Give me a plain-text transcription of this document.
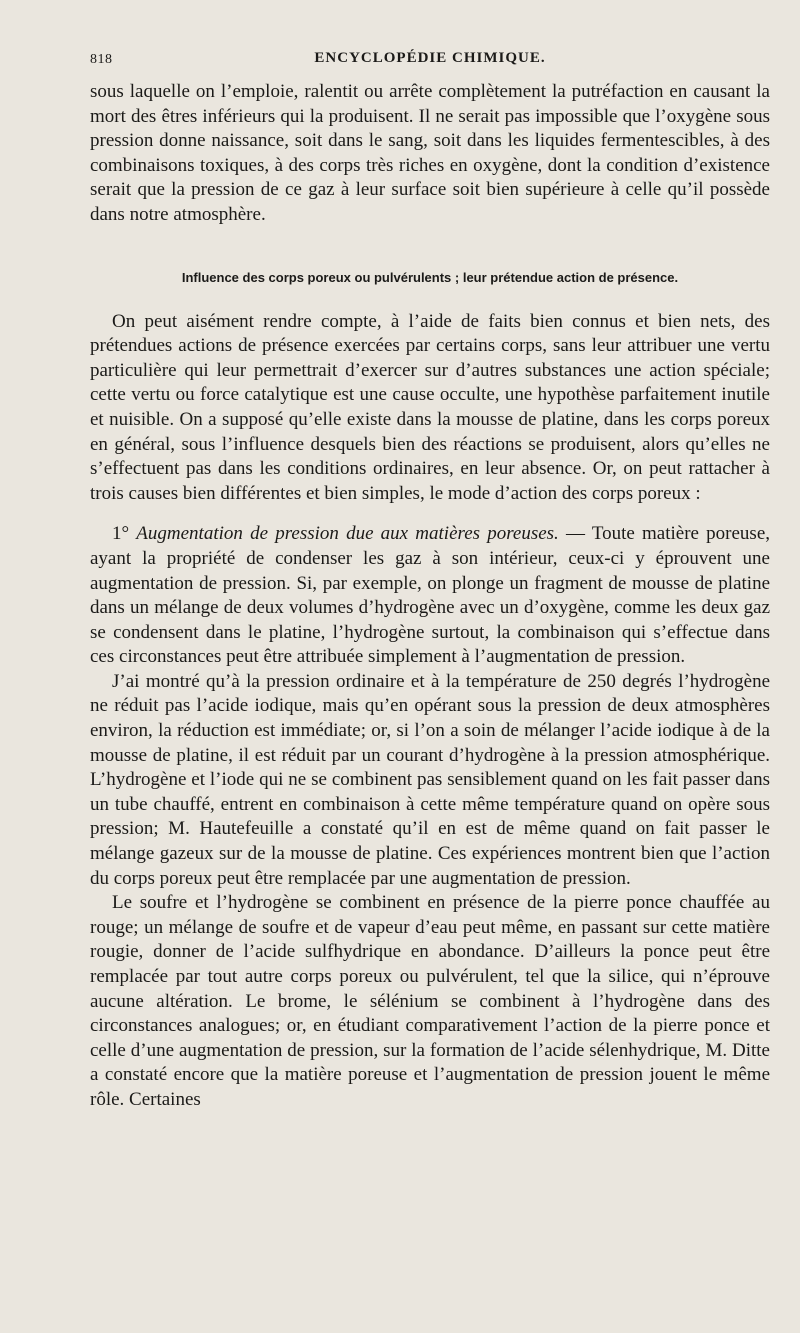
818	ENCYCLOPÉDIE CHIMIQUE.

sous laquelle on l’emploie, ralentit ou arrête complètement la putréfaction en causant la mort des êtres inférieurs qui la produisent. Il ne serait pas impossible que l’oxygène sous pression donne naissance, soit dans le sang, soit dans les liquides fermentescibles, à des combinaisons toxiques, à des corps très riches en oxygène, dont la condition d’existence serait que la pression de ce gaz à leur surface soit bien supérieure à celle qu’il possède dans notre atmosphère.

Influence des corps poreux ou pulvérulents ; leur prétendue action de présence.

On peut aisément rendre compte, à l’aide de faits bien connus et bien nets, des prétendues actions de présence exercées par certains corps, sans leur attribuer une vertu particulière qui leur permettrait d’exercer sur d’autres substances une action spéciale; cette vertu ou force catalytique est une cause occulte, une hypothèse parfaitement inutile et nuisible. On a supposé qu’elle existe dans la mousse de platine, dans les corps poreux en général, sous l’influence desquels bien des réactions se produisent, alors qu’elles ne s’effectuent pas dans les conditions ordinaires, en leur absence. Or, on peut rattacher à trois causes bien différentes et bien simples, le mode d’action des corps poreux :

1° Augmentation de pression due aux matières poreuses. — Toute matière poreuse, ayant la propriété de condenser les gaz à son intérieur, ceux-ci y éprouvent une augmentation de pression. Si, par exemple, on plonge un fragment de mousse de platine dans un mélange de deux volumes d’hydrogène avec un d’oxygène, comme les deux gaz se condensent dans le platine, l’hydrogène surtout, la combinaison qui s’effectue dans ces circonstances peut être attribuée simplement à l’augmentation de pression.

J’ai montré qu’à la pression ordinaire et à la température de 250 degrés l’hydrogène ne réduit pas l’acide iodique, mais qu’en opérant sous la pression de deux atmosphères environ, la réduction est immédiate; or, si l’on a soin de mélanger l’acide iodique à de la mousse de platine, il est réduit par un courant d’hydrogène à la pression atmosphérique. L’hydrogène et l’iode qui ne se combinent pas sensiblement quand on les fait passer dans un tube chauffé, entrent en combinaison à cette même température quand on opère sous pression; M. Hautefeuille a constaté qu’il en est de même quand on fait passer le mélange gazeux sur de la mousse de platine. Ces expériences montrent bien que l’action du corps poreux peut être remplacée par une augmentation de pression.

Le soufre et l’hydrogène se combinent en présence de la pierre ponce chauffée au rouge; un mélange de soufre et de vapeur d’eau peut même, en passant sur cette matière rougie, donner de l’acide sulfhydrique en abondance. D’ailleurs la ponce peut être remplacée par tout autre corps poreux ou pulvérulent, tel que la silice, qui n’éprouve aucune altération. Le brome, le sélénium se combinent à l’hydrogène dans des circonstances analogues; or, en étudiant comparativement l’action de la pierre ponce et celle d’une augmentation de pression, sur la formation de l’acide sélenhydrique, M. Ditte a constaté encore que la matière poreuse et l’augmentation de pression jouent le même rôle. Certaines
